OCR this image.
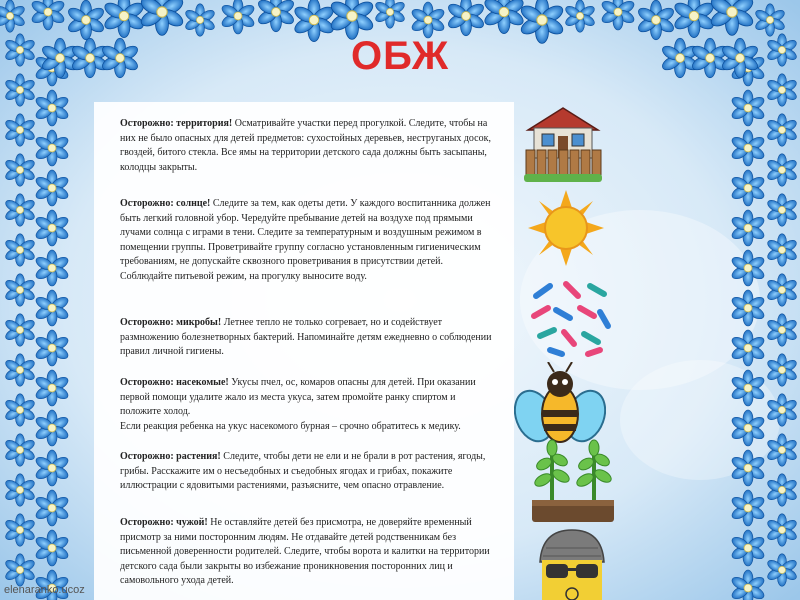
ОБЖ
Осторожно: территория! Осматривайте участки перед прогулкой. Следите, чтобы на них не было опасных для детей предметов: сухостойных деревьев, неструганых досок, гвоздей, битого стекла. Все ямы на территории детского сада должны быть засыпаны, колодцы закрыты.
Осторожно: солнце! Следите за тем, как одеты дети. У каждого воспитанника должен быть легкий головной убор. Чередуйте пребывание детей на воздухе под прямыми лучами солнца с играми в тени. Следите за температурным и воздушным режимом в помещении группы. Проветривайте группу согласно установленным гигиеническим требованиям, не допускайте сквозного проветривания в присутствии детей. Соблюдайте питьевой режим, на прогулку выносите воду.
Осторожно: микробы! Летнее тепло не только согревает, но и содействует размножению болезнетворных бактерий. Напоминайте детям ежедневно о соблюдении правил личной гигиены.
Осторожно: насекомые! Укусы пчел, ос, комаров опасны для детей. При оказании первой помощи удалите жало из места укуса, затем промойте ранку спиртом и положите холод.
Если реакция ребенка на укус насекомого бурная – срочно обратитесь к медику.
Осторожно: растения! Следите, чтобы дети не ели и не брали в рот растения, ягоды, грибы. Расскажите им о несъедобных и съедобных ягодах и грибах, покажите иллюстрации с ядовитыми растениями, разъясните, чем опасно отравление.
Осторожно: чужой! Не оставляйте детей без присмотра, не доверяйте временный присмотр за ними посторонним людям. Не отдавайте детей родственникам без письменной доверенности родителей. Следите, чтобы ворота и калитки на территории детского сада были закрыты во избежание проникновения посторонних лиц и самовольного ухода детей.
elenaranko.ucoz
